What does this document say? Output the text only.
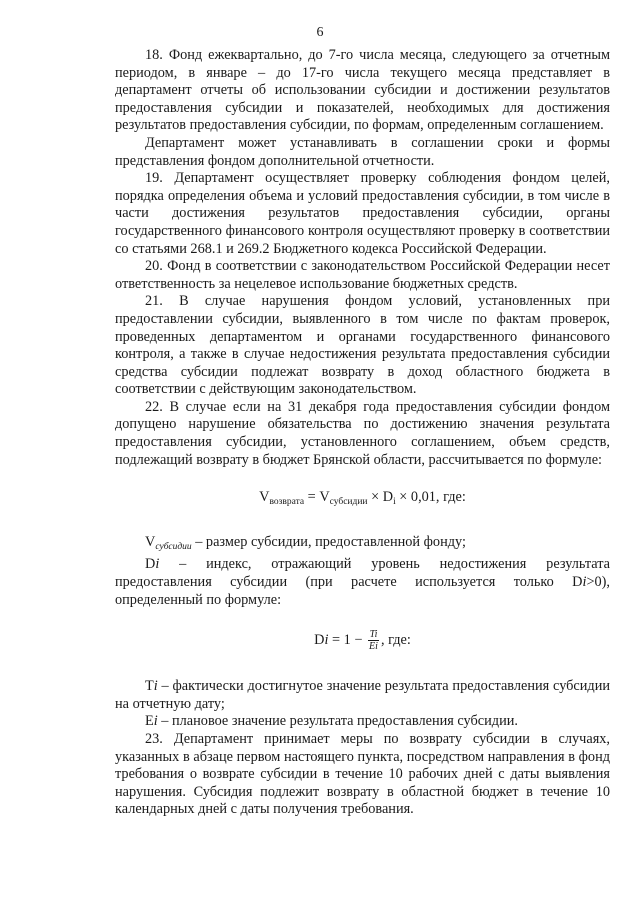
6

18. Фонд ежеквартально, до 7-го числа месяца, следующего за отчетным периодом, в январе – до 17-го числа текущего месяца представляет в департамент отчеты об использовании субсидии и достижении результатов предоставления субсидии и показателей, необходимых для достижения результатов предоставления субсидии, по формам, определенным соглашением.

Департамент может устанавливать в соглашении сроки и формы представления фондом дополнительной отчетности.

19. Департамент осуществляет проверку соблюдения фондом целей, порядка определения объема и условий предоставления субсидии, в том числе в части достижения результатов предоставления субсидии, органы государственного финансового контроля осуществляют проверку в соответствии со статьями 268.1 и 269.2 Бюджетного кодекса Российской Федерации.

20. Фонд в соответствии с законодательством Российской Федерации несет ответственность за нецелевое использование бюджетных средств.

21. В случае нарушения фондом условий, установленных при предоставлении субсидии, выявленного в том числе по фактам проверок, проведенных департаментом и органами государственного финансового контроля, а также в случае недостижения результата предоставления субсидии средства субсидии подлежат возврату в доход областного бюджета в соответствии с действующим законодательством.

22. В случае если на 31 декабря года предоставления субсидии фондом допущено нарушение обязательства по достижению значения результата предоставления субсидии, установленного соглашением, объем средств, подлежащий возврату в бюджет Брянской области, рассчитывается по формуле:

$V_{возврата} = V_{субсидии} \times D_i \times 0,01$, где:

$V_{субсидии}$ – размер субсидии, предоставленной фонду;

Di – индекс, отражающий уровень недостижения результата предоставления субсидии (при расчете используется только Di>0), определенный по формуле:

$Di = 1 - \frac{Ti}{Ei}$ , где:

Ti – фактически достигнутое значение результата предоставления субсидии на отчетную дату;

Ei – плановое значение результата предоставления субсидии.

23. Департамент принимает меры по возврату субсидии в случаях, указанных в абзаце первом настоящего пункта, посредством направления в фонд требования о возврате субсидии в течение 10 рабочих дней с даты выявления нарушения. Субсидия подлежит возврату в областной бюджет в течение 10 календарных дней с даты получения требования.
